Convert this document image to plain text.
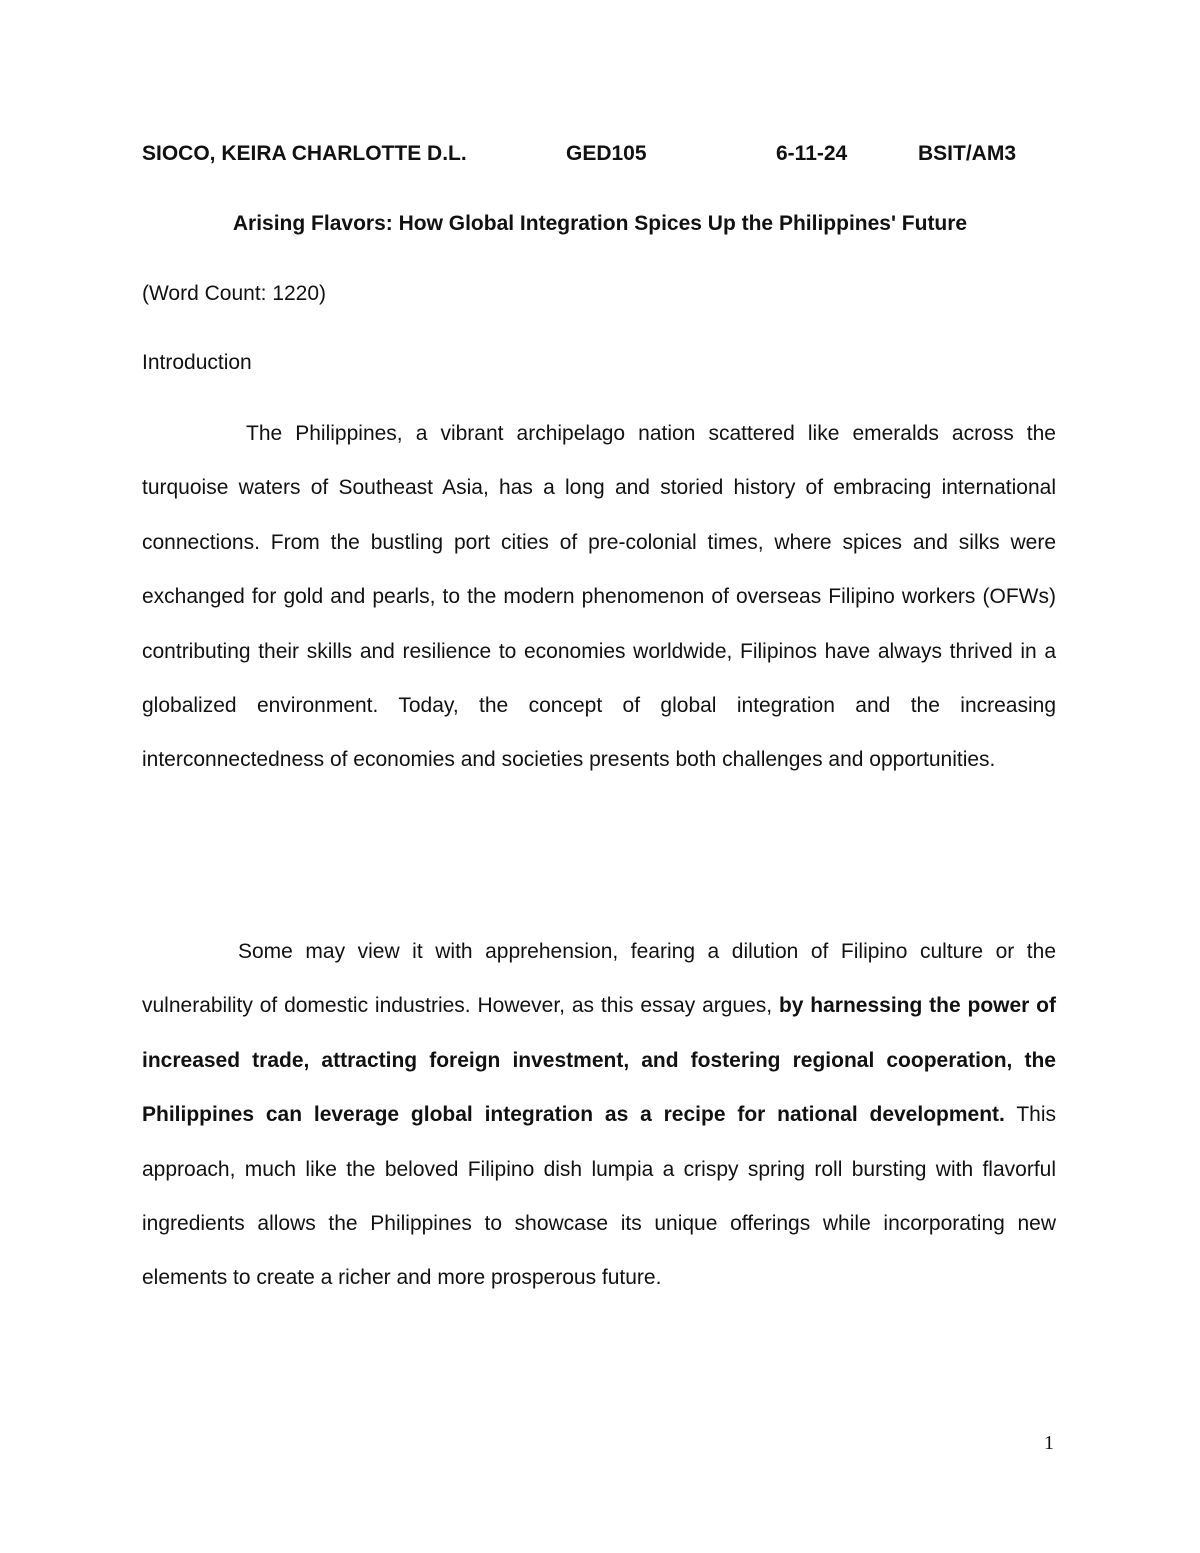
SIOCO, KEIRA CHARLOTTE D.L.	GED105	6-11-24	BSIT/AM3
Arising Flavors: How Global Integration Spices Up the Philippines' Future
(Word Count: 1220)
Introduction

The Philippines, a vibrant archipelago nation scattered like emeralds across the turquoise waters of Southeast Asia, has a long and storied history of embracing international connections. From the bustling port cities of pre-colonial times, where spices and silks were exchanged for gold and pearls, to the modern phenomenon of overseas Filipino workers (OFWs) contributing their skills and resilience to economies worldwide, Filipinos have always thrived in a globalized environment. Today, the concept of global integration and the increasing interconnectedness of economies and societies presents both challenges and opportunities.

Some may view it with apprehension, fearing a dilution of Filipino culture or the vulnerability of domestic industries. However, as this essay argues, by harnessing the power of increased trade, attracting foreign investment, and fostering regional cooperation, the Philippines can leverage global integration as a recipe for national development. This approach, much like the beloved Filipino dish lumpia a crispy spring roll bursting with flavorful ingredients allows the Philippines to showcase its unique offerings while incorporating new elements to create a richer and more prosperous future.

1
